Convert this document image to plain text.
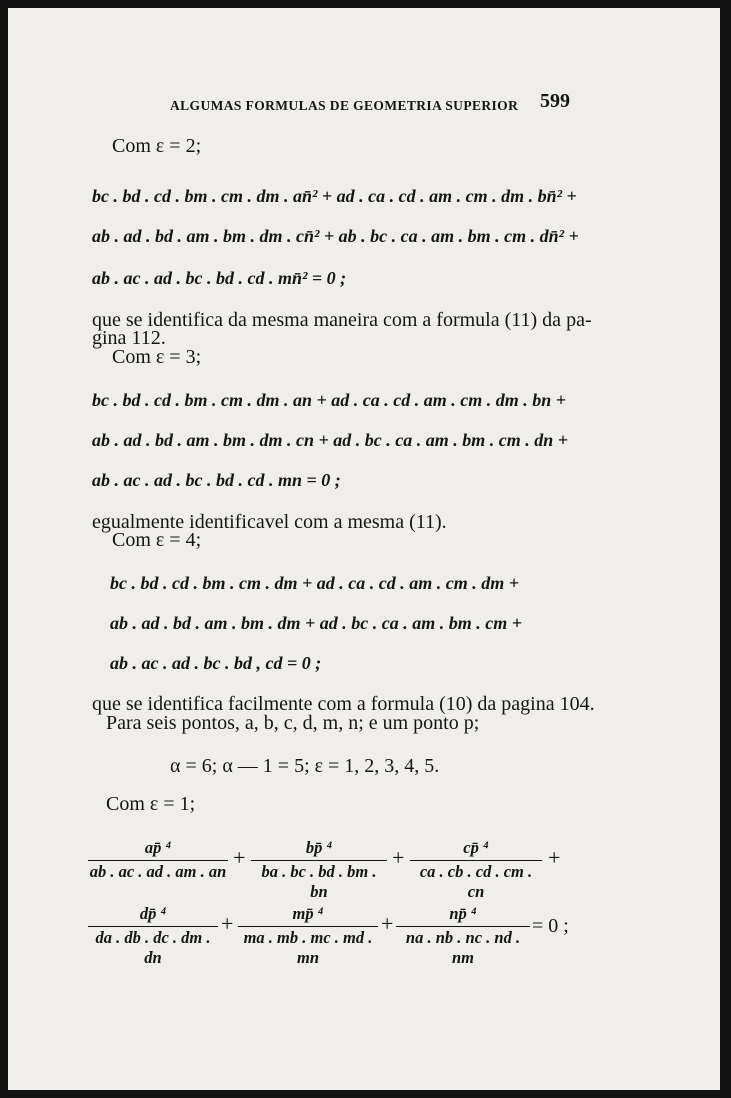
ALGUMAS FORMULAS DE GEOMETRIA SUPERIOR 599
Com ε = 2;
bc . bd . cd . bm . cm . dm . an̄² + ad . ca . cd . am . cm . dm . bn̄² +
ab . ad . bd . am . bm . dm . cn̄² + ab . bc . ca . am . bm . cm . dn̄² +
ab . ac . ad . bc . bd . cd . mn̄² = 0 ;
que se identifica da mesma maneira com a formula (11) da pa-
gina 112.
Com ε = 3;
bc . bd . cd . bm . cm . dm . an + ad . ca . cd . am . cm . dm . bn +
ab . ad . bd . am . bm . dm . cn + ad . bc . ca . am . bm . cm . dn +
ab . ac . ad . bc . bd . cd . mn = 0 ;
egualmente identificavel com a mesma (11).
Com ε = 4;
bc . bd . cd . bm . cm . dm + ad . ca . cd . am . cm . dm +
ab . ad . bd . am . bm . dm + ad . bc . ca . am . bm . cm +
ab . ac . ad . bc . bd , cd = 0 ;
que se identifica facilmente com a formula (10) da pagina 104.
Para seis pontos, a, b, c, d, m, n; e um ponto p;
α = 6; α — 1 = 5; ε = 1, 2, 3, 4, 5.
Com ε = 1;
$\frac{\text{ap̄ ⁴}}{ab . ac . ad . am . an} + \frac{\text{bp̄ ⁴}}{ba . bc . bd . bm . bn} + \frac{\text{cp̄ ⁴}}{ca . cb . cd . cm . cn}$ +
$\frac{\text{dp̄ ⁴}}{da . db . dc . dm . dn} + \frac{\text{mp̄ ⁴}}{ma . mb . mc . md . mn} + \frac{\text{np̄ ⁴}}{na . nb . nc . nd . nm} = 0$ ;
